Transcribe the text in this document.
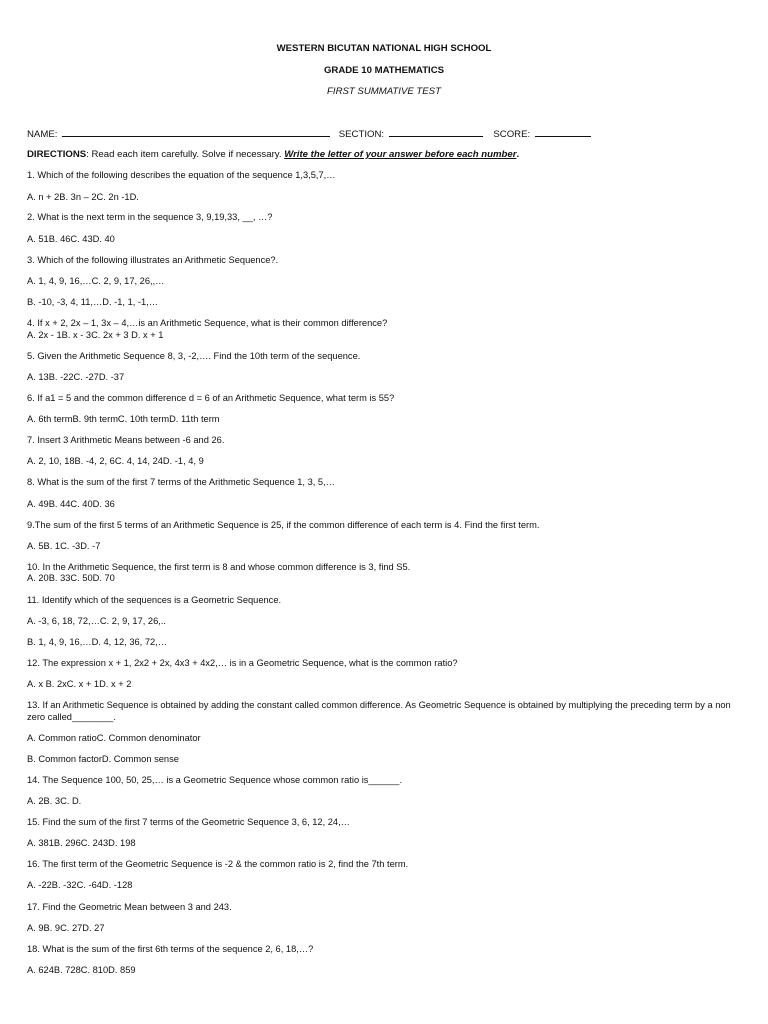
WESTERN BICUTAN NATIONAL HIGH SCHOOL

GRADE 10 MATHEMATICS

FIRST SUMMATIVE TEST

NAME:	SECTION:	SCORE:
DIRECTIONS: Read each item carefully. Solve if necessary. Write the letter of your answer before each number.

1. Which of the following describes the equation of the sequence 1,3,5,7,…

A. n + 2B. 3n – 2C. 2n -1D.

2. What is the next term in the sequence 3, 9,19,33, __, …?

A. 51B. 46C. 43D. 40

3. Which of the following illustrates an Arithmetic Sequence?.

A. 1, 4, 9, 16,…C. 2, 9, 17, 26,,…

B. -10, -3, 4, 11,…D. -1, 1, -1,…

4. If x + 2, 2x – 1, 3x – 4,…is an Arithmetic Sequence, what is their common difference?

A. 2x - 1B. x - 3C. 2x + 3 D. x + 1

5. Given the Arithmetic Sequence 8, 3, -2,…. Find the 10th term of the sequence.

A. 13B. -22C. -27D. -37

6. If a1 = 5 and the common difference d = 6 of an Arithmetic Sequence, what term is 55?

A. 6th termB. 9th termC. 10th termD. 11th term

7. Insert 3 Arithmetic Means between -6 and 26.

A. 2, 10, 18B. -4, 2, 6C. 4, 14, 24D. -1, 4, 9

8. What is the sum of the first 7 terms of the Arithmetic Sequence 1, 3, 5,…

A. 49B. 44C. 40D. 36

9.The sum of the first 5 terms of an Arithmetic Sequence is 25, if the common difference of each term is 4. Find the first term.

A. 5B. 1C. -3D. -7

10. In the Arithmetic Sequence, the first term is 8 and whose common difference is 3, find S5.

A. 20B. 33C. 50D. 70

11. Identify which of the sequences is a Geometric Sequence.

A. -3, 6, 18, 72,…C. 2, 9, 17, 26,..

B. 1, 4, 9, 16,…D. 4, 12, 36, 72,…

12. The expression x + 1, 2x2 + 2x, 4x3 + 4x2,… is in a Geometric Sequence, what is the common ratio?

A. x B. 2xC. x + 1D. x + 2

13. If an Arithmetic Sequence is obtained by adding the constant called common difference. As Geometric Sequence is obtained by multiplying the preceding term by a non zero called________.

A. Common ratioC. Common denominator

B. Common factorD. Common sense

14. The Sequence 100, 50, 25,… is a Geometric Sequence whose common ratio is______.

A. 2B. 3C. D.

15. Find the sum of the first 7 terms of the Geometric Sequence 3, 6, 12, 24,…

A. 381B. 296C. 243D. 198

16. The first term of the Geometric Sequence is -2 & the common ratio is 2, find the 7th term.

A. -22B. -32C. -64D. -128

17. Find the Geometric Mean between 3 and 243.

A. 9B. 9C. 27D. 27

18. What is the sum of the first 6th terms of the sequence 2, 6, 18,…?

A. 624B. 728C. 810D. 859
